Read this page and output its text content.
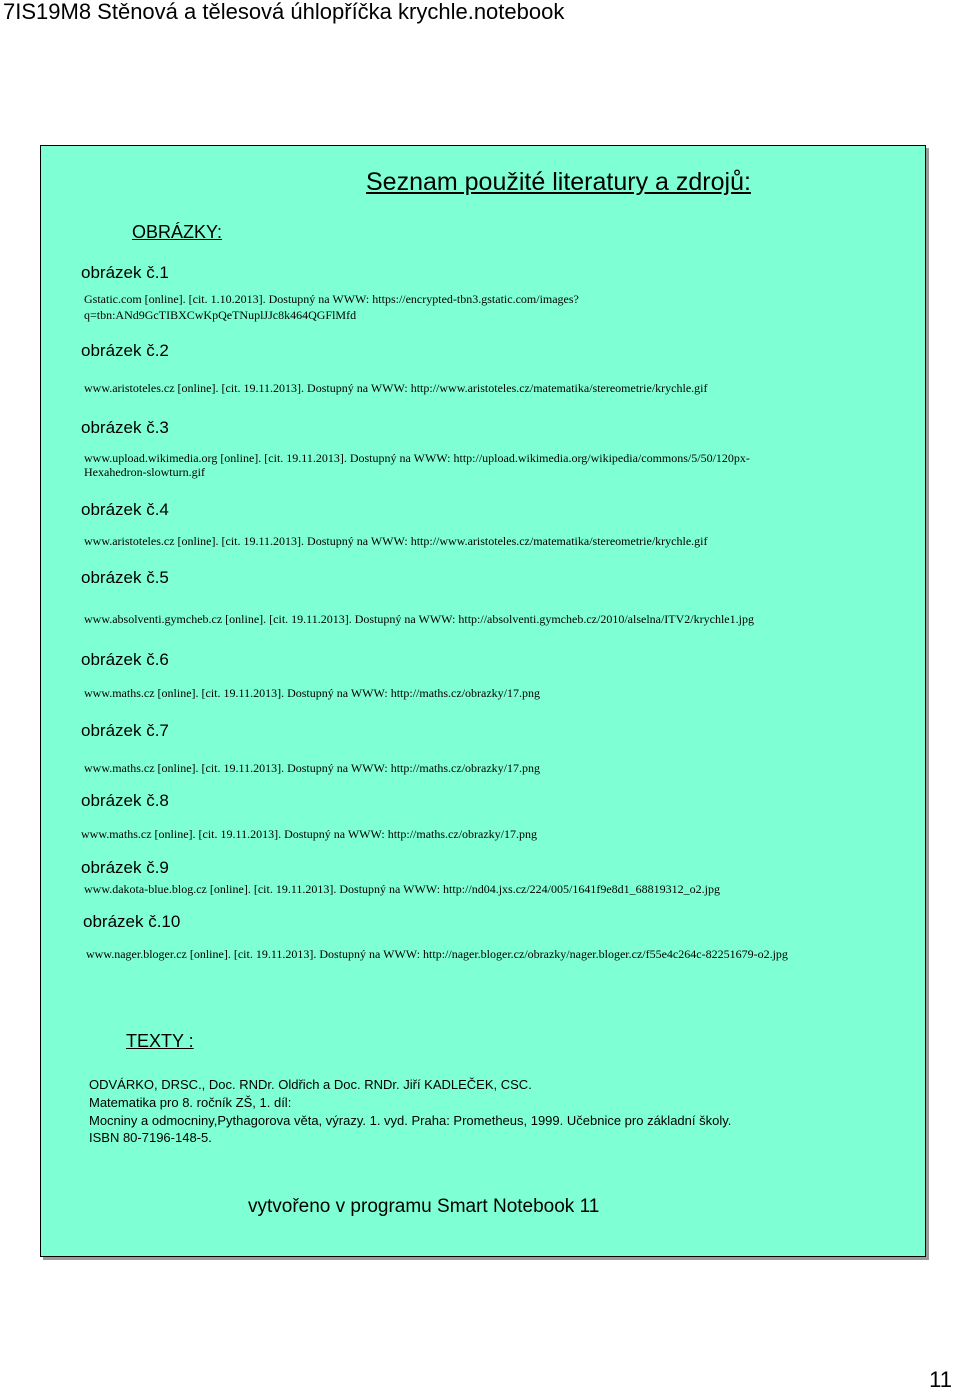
7IS19M8 Stěnová a tělesová úhlopříčka krychle.notebook
Seznam použité literatury a zdrojů:
OBRÁZKY:
obrázek č.1
Gstatic.com [online]. [cit. 1.10.2013]. Dostupný na WWW: https://encrypted-tbn3.gstatic.com/images?
q=tbn:ANd9GcTIBXCwKpQeTNuplJJc8k464QGFlMfd
obrázek č.2
www.aristoteles.cz [online]. [cit. 19.11.2013]. Dostupný na WWW: http://www.aristoteles.cz/matematika/stereometrie/krychle.gif
obrázek č.3
www.upload.wikimedia.org [online]. [cit. 19.11.2013]. Dostupný na WWW: http://upload.wikimedia.org/wikipedia/commons/5/50/120px-
Hexahedron-slowturn.gif
obrázek č.4
www.aristoteles.cz [online]. [cit. 19.11.2013]. Dostupný na WWW: http://www.aristoteles.cz/matematika/stereometrie/krychle.gif
obrázek č.5
www.absolventi.gymcheb.cz [online]. [cit. 19.11.2013]. Dostupný na WWW: http://absolventi.gymcheb.cz/2010/alselna/ITV2/krychle1.jpg
obrázek č.6
www.maths.cz [online]. [cit. 19.11.2013]. Dostupný na WWW: http://maths.cz/obrazky/17.png
obrázek č.7
www.maths.cz [online]. [cit. 19.11.2013]. Dostupný na WWW: http://maths.cz/obrazky/17.png
obrázek č.8
www.maths.cz [online]. [cit. 19.11.2013]. Dostupný na WWW: http://maths.cz/obrazky/17.png
obrázek č.9
www.dakota-blue.blog.cz [online]. [cit. 19.11.2013]. Dostupný na WWW: http://nd04.jxs.cz/224/005/1641f9e8d1_68819312_o2.jpg
obrázek č.10
www.nager.bloger.cz [online]. [cit. 19.11.2013]. Dostupný na WWW: http://nager.bloger.cz/obrazky/nager.bloger.cz/f55e4c264c-82251679-o2.jpg
TEXTY :
ODVÁRKO, DRSC., Doc. RNDr. Oldřich a Doc. RNDr. Jiří KADLEČEK, CSC.
Matematika pro 8. ročník ZŠ, 1. díl:
Mocniny a odmocniny,Pythagorova věta, výrazy. 1. vyd. Praha: Prometheus, 1999. Učebnice pro základní školy.
ISBN 80-7196-148-5.
vytvořeno v programu Smart Notebook 11
11
